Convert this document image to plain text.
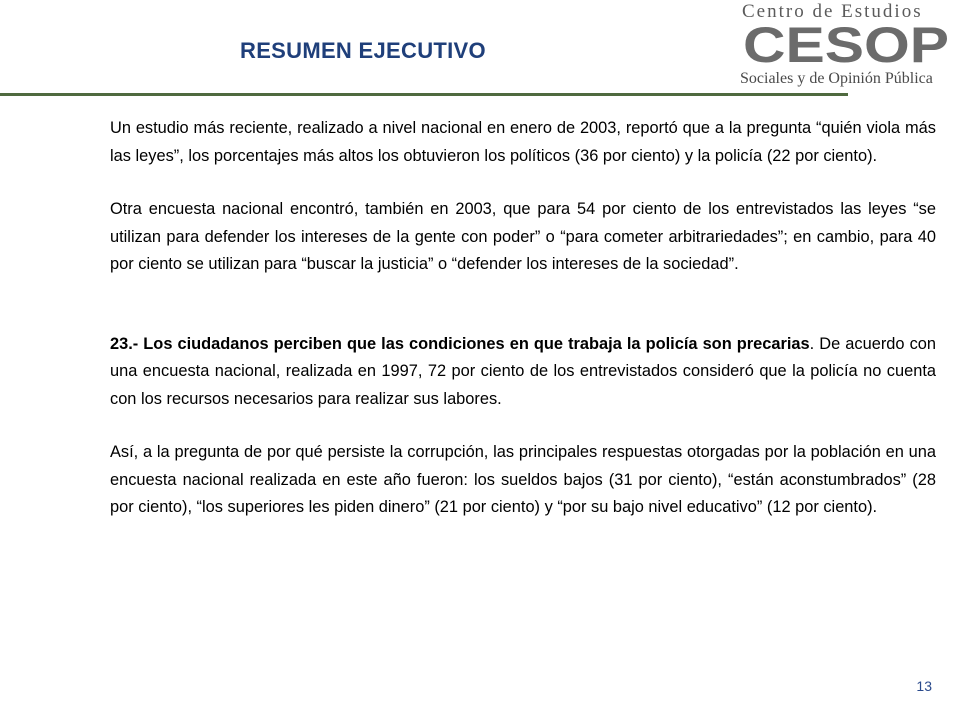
RESUMEN EJECUTIVO
Centro de Estudios
CESOP
Sociales y de Opinión Pública

Un estudio más reciente, realizado a nivel nacional en enero de 2003, reportó que a la pregunta “quién viola más las leyes”, los porcentajes más altos los obtuvieron los políticos (36 por ciento) y la policía (22 por ciento).

Otra encuesta nacional encontró, también en 2003, que para 54 por ciento de los entrevistados las leyes “se utilizan para defender los intereses de la gente con poder” o “para cometer arbitrariedades”; en cambio, para 40 por ciento se utilizan para “buscar la justicia” o “defender los intereses de la sociedad”.

23.- Los ciudadanos perciben que las condiciones en que trabaja la policía son precarias. De acuerdo con una encuesta nacional, realizada en 1997, 72 por ciento de los entrevistados consideró que la policía no cuenta con los recursos necesarios para realizar sus labores.

Así, a la pregunta de por qué persiste la corrupción, las principales respuestas otorgadas por la población en una encuesta nacional realizada en este año fueron: los sueldos bajos (31 por ciento), “están aconstumbrados” (28 por ciento), “los superiores les piden dinero” (21 por ciento) y “por su bajo nivel educativo” (12 por ciento).

13
